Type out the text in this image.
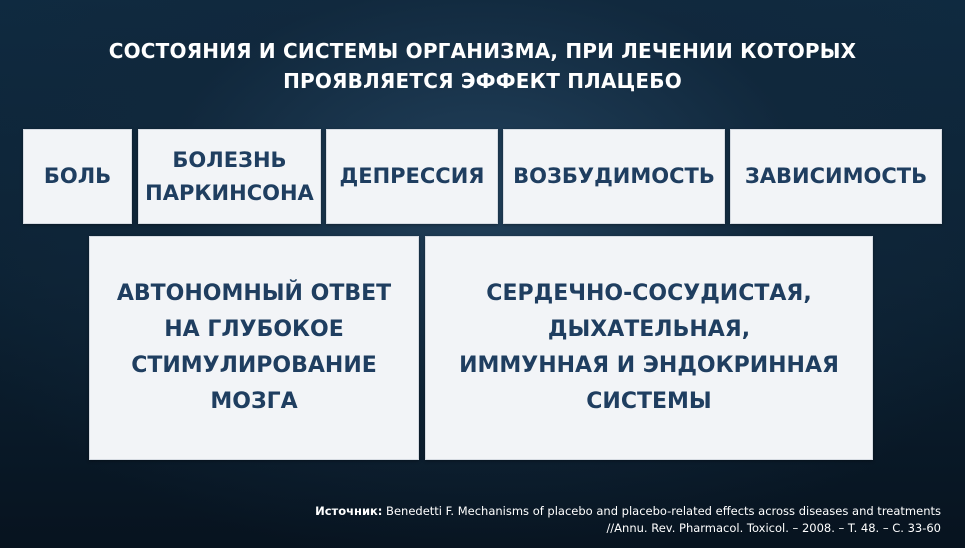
СОСТОЯНИЯ И СИСТЕМЫ ОРГАНИЗМА, ПРИ ЛЕЧЕНИИ КОТОРЫХ
ПРОЯВЛЯЕТСЯ ЭФФЕКТ ПЛАЦЕБО
БОЛЬ
БОЛЕЗНЬ
ПАРКИНСОНА
ДЕПРЕССИЯ ВОЗБУДИМОСТЬ ЗАВИСИМОСТЬ
АВТОНОМНЫЙ ОТВЕТ
НА ГЛУБОКОЕ
СТИМУЛИРОВАНИЕ
МОЗГА
СЕРДЕЧНО-СОСУДИСТАЯ,
ДЫХАТЕЛЬНАЯ,
ИММУННАЯ И ЭНДОКРИННАЯ
СИСТЕМЫ
Источник: Benedetti F. Mechanisms of placebo and placebo-related effects across diseases and treatments
//Annu. Rev. Pharmacol. Toxicol. – 2008. – T. 48. – C. 33-60
